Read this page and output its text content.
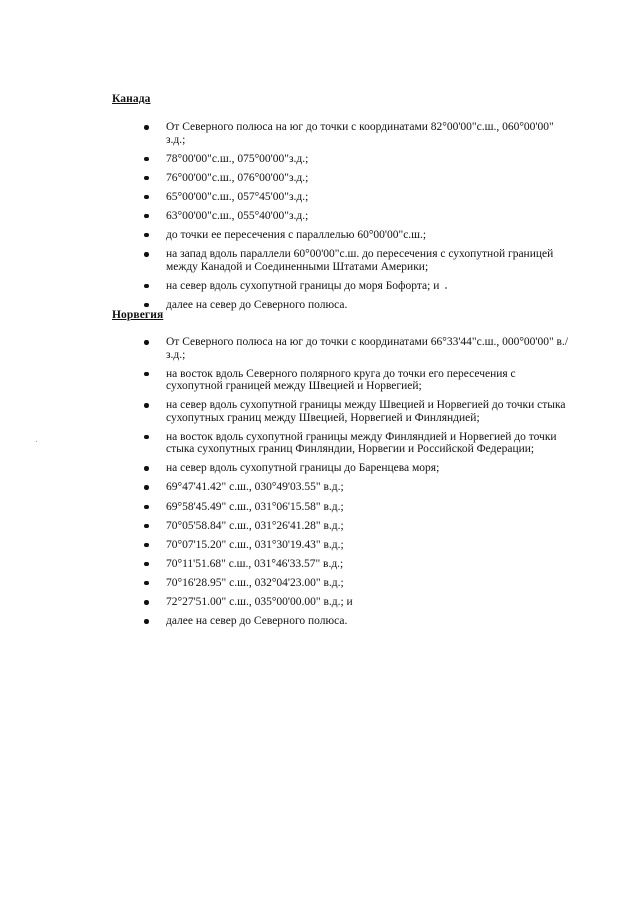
Канада
От Северного полюса на юг до точки с координатами 82°00'00"с.ш., 060°00'00" з.д.;
78°00'00"с.ш., 075°00'00"з.д.;
76°00'00"с.ш., 076°00'00"з.д.;
65°00'00"с.ш., 057°45'00"з.д.;
63°00'00"с.ш., 055°40'00"з.д.;
до точки ее пересечения с параллелью 60°00'00"с.ш.;
на запад вдоль параллели 60°00'00"с.ш. до пересечения с сухопутной границей между Канадой и Соединенными Штатами Америки;
на север вдоль сухопутной границы до моря Бофорта; и
далее на север до Северного полюса.
Норвегия
От Северного полюса на юг до точки с координатами 66°33'44"с.ш., 000°00'00" в./з.д.;
на восток вдоль Северного полярного круга до точки его пересечения с сухопутной границей между Швецией и Норвегией;
на север вдоль сухопутной границы между Швецией и Норвегией до точки стыка сухопутных границ между Швецией, Норвегией и Финляндией;
на восток вдоль сухопутной границы между Финляндией и Норвегией до точки стыка сухопутных границ Финляндии, Норвегии и Российской Федерации;
на север вдоль сухопутной границы до Баренцева моря;
69°47'41.42" с.ш., 030°49'03.55" в.д.;
69°58'45.49" с.ш., 031°06'15.58" в.д.;
70°05'58.84" с.ш., 031°26'41.28" в.д.;
70°07'15.20" с.ш., 031°30'19.43" в.д.;
70°11'51.68" с.ш., 031°46'33.57" в.д.;
70°16'28.95" с.ш., 032°04'23.00" в.д.;
72°27'51.00" с.ш., 035°00'00.00" в.д.; и
далее на север до Северного полюса.
